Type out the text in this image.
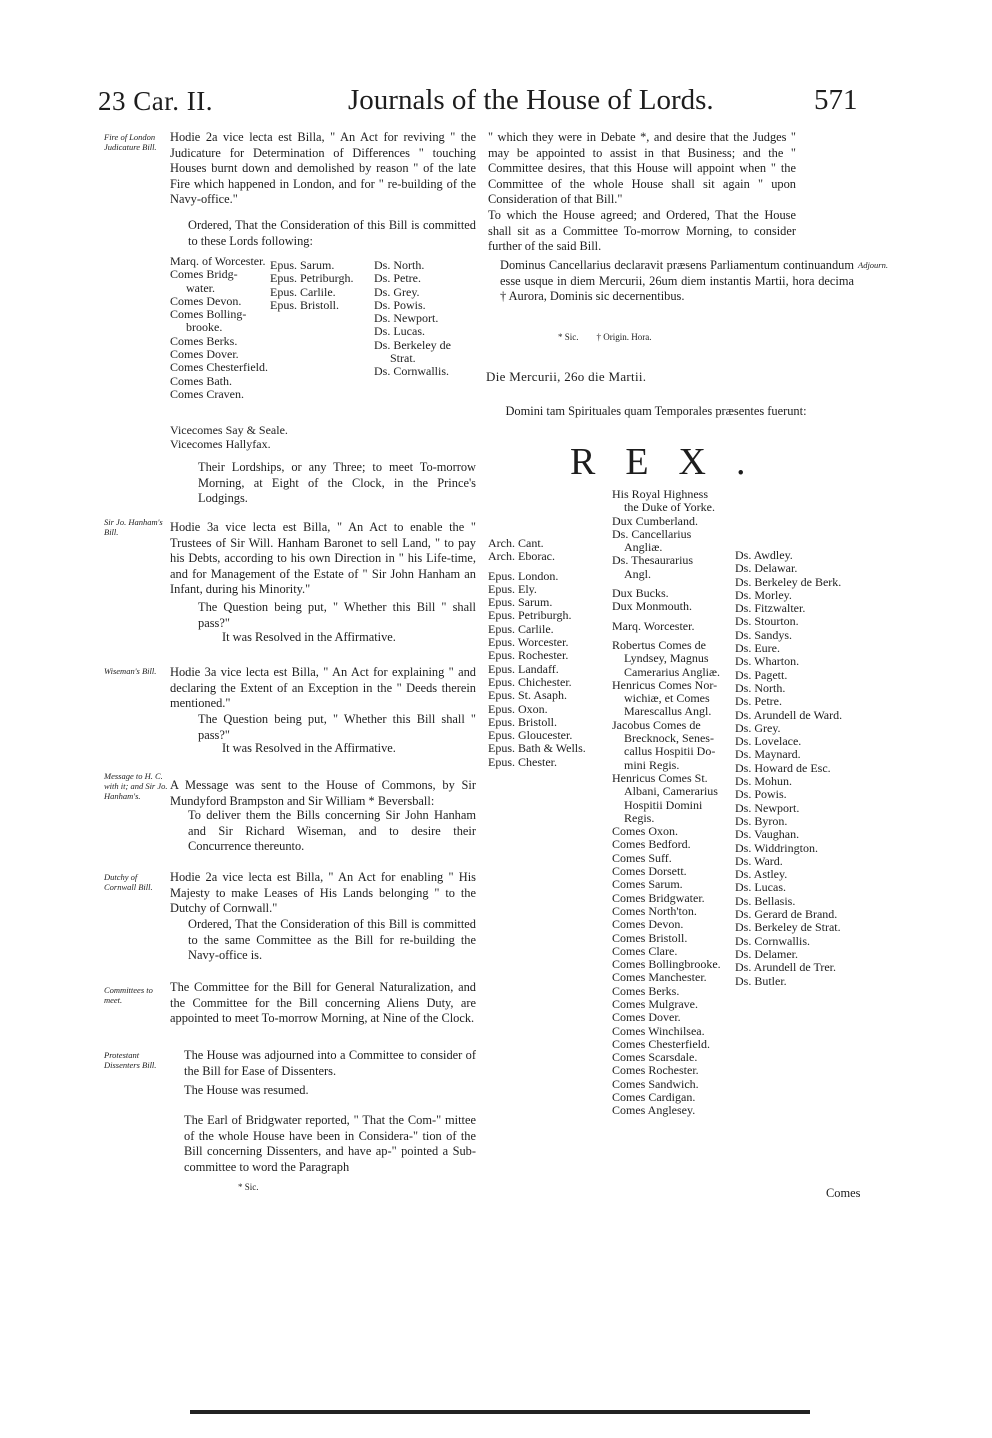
23 Car. II.	Journals of the House of Lords.	571
Fire of London Judicature Bill.
Sir Jo. Hanham's Bill.
Wiseman's Bill.
Message to H. C. with it; and Sir Jo. Hanham's.
Dutchy of Cornwall Bill.
Committees to meet.
Protestant Dissenters Bill.
Adjourn.
Hodie 2a vice lecta est Billa, " An Act for reviving " the Judicature for Determination of Differences " touching Houses burnt down and demolished by reason " of the late Fire which happened in London, and for " re-building of the Navy-office."
Ordered, That the Consideration of this Bill is committed to these Lords following:
Marq. of Worcester.
Comes Bridg-
water.
Comes Devon.
Comes Bolling-
brooke.
Comes Berks.
Comes Dover.
Comes Chesterfield.
Comes Bath.
Comes Craven.
Epus. Sarum.
Epus. Petriburgh.
Epus. Carlile.
Epus. Bristoll.
Ds. North.
Ds. Petre.
Ds. Grey.
Ds. Powis.
Ds. Newport.
Ds. Lucas.
Ds. Berkeley de
Strat.
Ds. Cornwallis.
Vicecomes Say & Seale.
Vicecomes Hallyfax.
Their Lordships, or any Three; to meet To-morrow Morning, at Eight of the Clock, in the Prince's Lodgings.
Hodie 3a vice lecta est Billa, " An Act to enable the " Trustees of Sir Will. Hanham Baronet to sell Land, " to pay his Debts, according to his own Direction in " his Life-time, and for Management of the Estate of " Sir John Hanham an Infant, during his Minority."
The Question being put, " Whether this Bill " shall pass?"
It was Resolved in the Affirmative.
Hodie 3a vice lecta est Billa, " An Act for explaining " and declaring the Extent of an Exception in the " Deeds therein mentioned."
The Question being put, " Whether this Bill shall " pass?"
It was Resolved in the Affirmative.
A Message was sent to the House of Commons, by Sir Mundyford Brampston and Sir William * Beversball:
To deliver them the Bills concerning Sir John Hanham and Sir Richard Wiseman, and to desire their Concurrence thereunto.
Hodie 2a vice lecta est Billa, " An Act for enabling " His Majesty to make Leases of His Lands belonging " to the Dutchy of Cornwall."
Ordered, That the Consideration of this Bill is committed to the same Committee as the Bill for re-building the Navy-office is.
The Committee for the Bill for General Naturalization, and the Committee for the Bill concerning Aliens Duty, are appointed to meet To-morrow Morning, at Nine of the Clock.
The House was adjourned into a Committee to consider of the Bill for Ease of Dissenters.
The House was resumed.
The Earl of Bridgwater reported, " That the Com-" mittee of the whole House have been in Considera-" tion of the Bill concerning Dissenters, and have ap-" pointed a Sub-committee to word the Paragraph
* Sic.
" which they were in Debate *, and desire that the Judges " may be appointed to assist in that Business; and the " Committee desires, that this House will appoint when " the Committee of the whole House shall sit again " upon Consideration of that Bill."
To which the House agreed; and Ordered, That the House shall sit as a Committee To-morrow Morning, to consider further of the said Bill.
Dominus Cancellarius declaravit præsens Parliamentum continuandum esse usque in diem Mercurii, 26um diem instantis Martii, hora decima † Aurora, Dominis sic decernentibus.
* Sic.        † Origin. Hora.
Die Mercurii, 26o die Martii.
Domini tam Spirituales quam Temporales præsentes fuerunt:
REX.
Arch. Cant.
Arch. Eborac.
Epus. London.
Epus. Ely.
Epus. Sarum.
Epus. Petriburgh.
Epus. Carlile.
Epus. Worcester.
Epus. Rochester.
Epus. Landaff.
Epus. Chichester.
Epus. St. Asaph.
Epus. Oxon.
Epus. Bristoll.
Epus. Gloucester.
Epus. Bath & Wells.
Epus. Chester.
His Royal Highness
the Duke of Yorke.
Dux Cumberland.
Ds. Cancellarius
Angliæ.
Ds. Thesaurarius
Angl.
Dux Bucks.
Dux Monmouth.
Marq. Worcester.
Robertus Comes de
Lyndsey, Magnus
Camerarius Angliæ.
Henricus Comes Nor-
wichiæ, et Comes
Marescallus Angl.
Jacobus Comes de
Brecknock, Senes-
callus Hospitii Do-
mini Regis.
Henricus Comes St.
Albani, Camerarius
Hospitii Domini
Regis.
Comes Oxon.
Comes Bedford.
Comes Suff.
Comes Dorsett.
Comes Sarum.
Comes Bridgwater.
Comes North'ton.
Comes Devon.
Comes Bristoll.
Comes Clare.
Comes Bollingbrooke.
Comes Manchester.
Comes Berks.
Comes Mulgrave.
Comes Dover.
Comes Winchilsea.
Comes Chesterfield.
Comes Scarsdale.
Comes Rochester.
Comes Sandwich.
Comes Cardigan.
Comes Anglesey.
Ds. Awdley.
Ds. Delawar.
Ds. Berkeley de Berk.
Ds. Morley.
Ds. Fitzwalter.
Ds. Stourton.
Ds. Sandys.
Ds. Eure.
Ds. Wharton.
Ds. Pagett.
Ds. North.
Ds. Petre.
Ds. Arundell de Ward.
Ds. Grey.
Ds. Lovelace.
Ds. Maynard.
Ds. Howard de Esc.
Ds. Mohun.
Ds. Powis.
Ds. Newport.
Ds. Byron.
Ds. Vaughan.
Ds. Widdrington.
Ds. Ward.
Ds. Astley.
Ds. Lucas.
Ds. Bellasis.
Ds. Gerard de Brand.
Ds. Berkeley de Strat.
Ds. Cornwallis.
Ds. Delamer.
Ds. Arundell de Trer.
Ds. Butler.
Comes
